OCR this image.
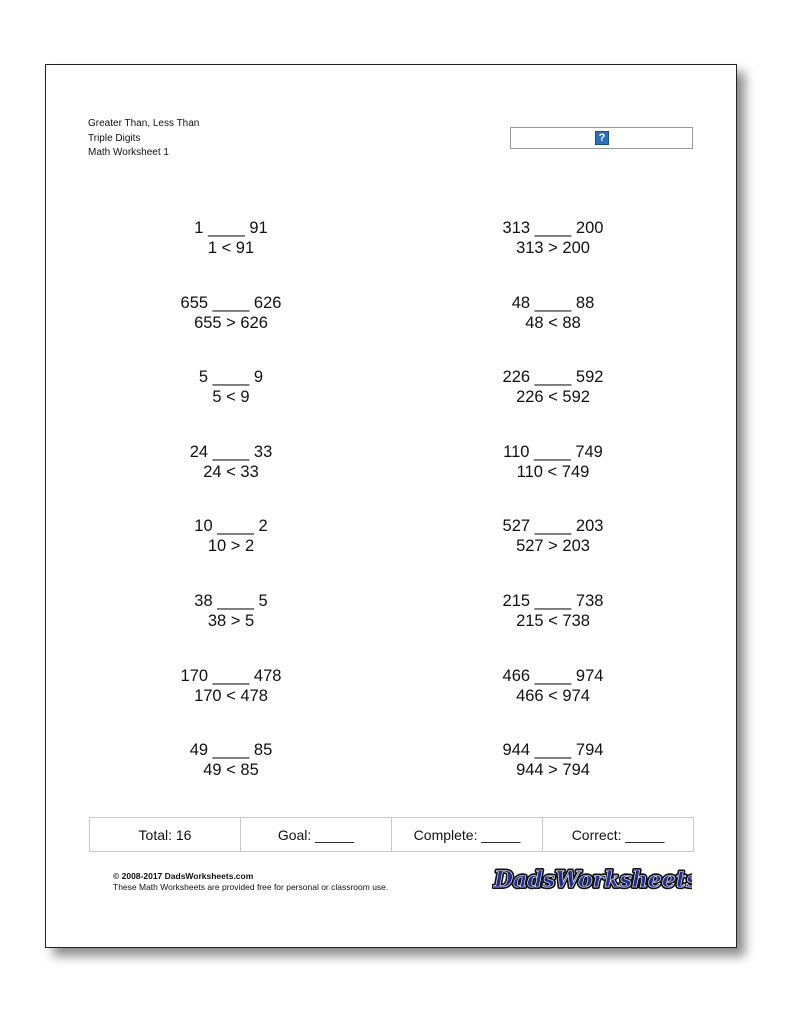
Greater Than, Less Than
Triple Digits
Math Worksheet 1
?
1 ____ 91
1 < 91
313 ____ 200
313 > 200
655 ____ 626
655 > 626
48 ____ 88
48 < 88
5 ____ 9
5 < 9
226 ____ 592
226 < 592
24 ____ 33
24 < 33
110 ____ 749
110 < 749
10 ____ 2
10 > 2
527 ____ 203
527 > 203
38 ____ 5
38 > 5
215 ____ 738
215 < 738
170 ____ 478
170 < 478
466 ____ 974
466 < 974
49 ____ 85
49 < 85
944 ____ 794
944 > 794
Total: 16	Goal: _____	Complete: _____	Correct: _____
© 2008-2017 DadsWorksheets.com
These Math Worksheets are provided free for personal or classroom use.	DadsWorksheet
DadsWorksheet
